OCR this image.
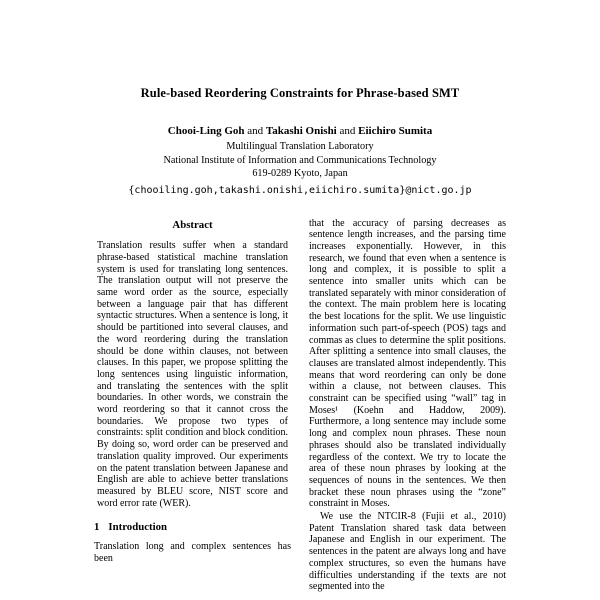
Rule-based Reordering Constraints for Phrase-based SMT
Chooi-Ling Goh and Takashi Onishi and Eiichiro Sumita
Multilingual Translation Laboratory
National Institute of Information and Communications Technology
619-0289 Kyoto, Japan
{chooiling.goh,takashi.onishi,eiichiro.sumita}@nict.go.jp
Abstract

Translation results suffer when a standard phrase-based statistical machine translation system is used for translating long sentences. The translation output will not preserve the same word order as the source, especially between a language pair that has different syntactic structures. When a sentence is long, it should be partitioned into several clauses, and the word reordering during the translation should be done within clauses, not between clauses. In this paper, we propose splitting the long sentences using linguistic information, and translating the sentences with the split boundaries. In other words, we constrain the word reordering so that it cannot cross the boundaries. We propose two types of constraints: split condition and block condition. By doing so, word order can be preserved and translation quality improved. Our experiments on the patent translation between Japanese and English are able to achieve better translations measured by BLEU score, NIST score and word error rate (WER).

1 Introduction

Translation long and complex sentences has been

that the accuracy of parsing decreases as sentence length increases, and the parsing time increases exponentially. However, in this research, we found that even when a sentence is long and complex, it is possible to split a sentence into smaller units which can be translated separately with minor consideration of the context. The main problem here is locating the best locations for the split. We use linguistic information such part-of-speech (POS) tags and commas as clues to determine the split positions. After splitting a sentence into small clauses, the clauses are translated almost independently. This means that word reordering can only be done within a clause, not between clauses. This constraint can be specified using “wall” tag in Moses¹ (Koehn and Haddow, 2009). Furthermore, a long sentence may include some long and complex noun phrases. These noun phrases should also be translated individually regardless of the context. We try to locate the area of these noun phrases by looking at the sequences of nouns in the sentences. We then bracket these noun phrases using the “zone” constraint in Moses.

We use the NTCIR-8 (Fujii et al., 2010) Patent Translation shared task data between Japanese and English in our experiment. The sentences in the patent are always long and have complex structures, so even the humans have difficulties understanding if the texts are not segmented into the
